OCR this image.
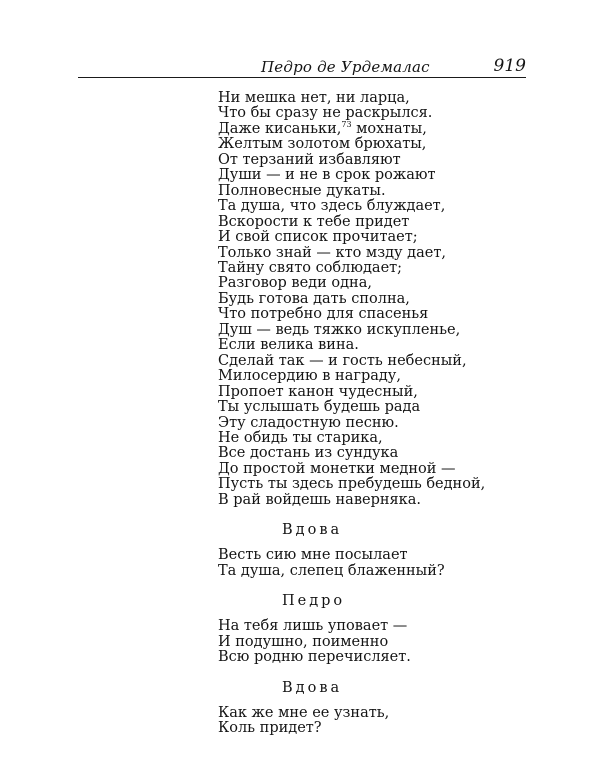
Педро де Урдемалас	919
Ни мешка нет, ни ларца,
Что бы сразу не раскрылся.
Даже кисаньки,$^{73}$ мохнаты,
Желтым золотом брюхаты,
От терзаний избавляют
Души — и не в срок рожают
Полновесные дукаты.
Та душа, что здесь блуждает,
Вскорости к тебе придет
И свой список прочитает;
Только знай — кто мзду дает,
Тайну свято соблюдает;
Разговор веди одна,
Будь готова дать сполна,
Что потребно для спасенья
Душ — ведь тяжко искупленье,
Если велика вина.
Сделай так — и гость небесный,
Милосердию в награду,
Пропоет канон чудесный,
Ты услышать будешь рада
Эту сладостную песню.
Не обидь ты старика,
Все достань из сундука
До простой монетки медной —
Пусть ты здесь пребудешь бедной,
В рай войдешь наверняка.
Вдова
Весть сию мне посылает
Та душа, слепец блаженный?
Педро
На тебя лишь уповает —
И подушно, поименно
Всю родню перечисляет.
Вдова
Как же мне ее узнать,
Коль придет?
